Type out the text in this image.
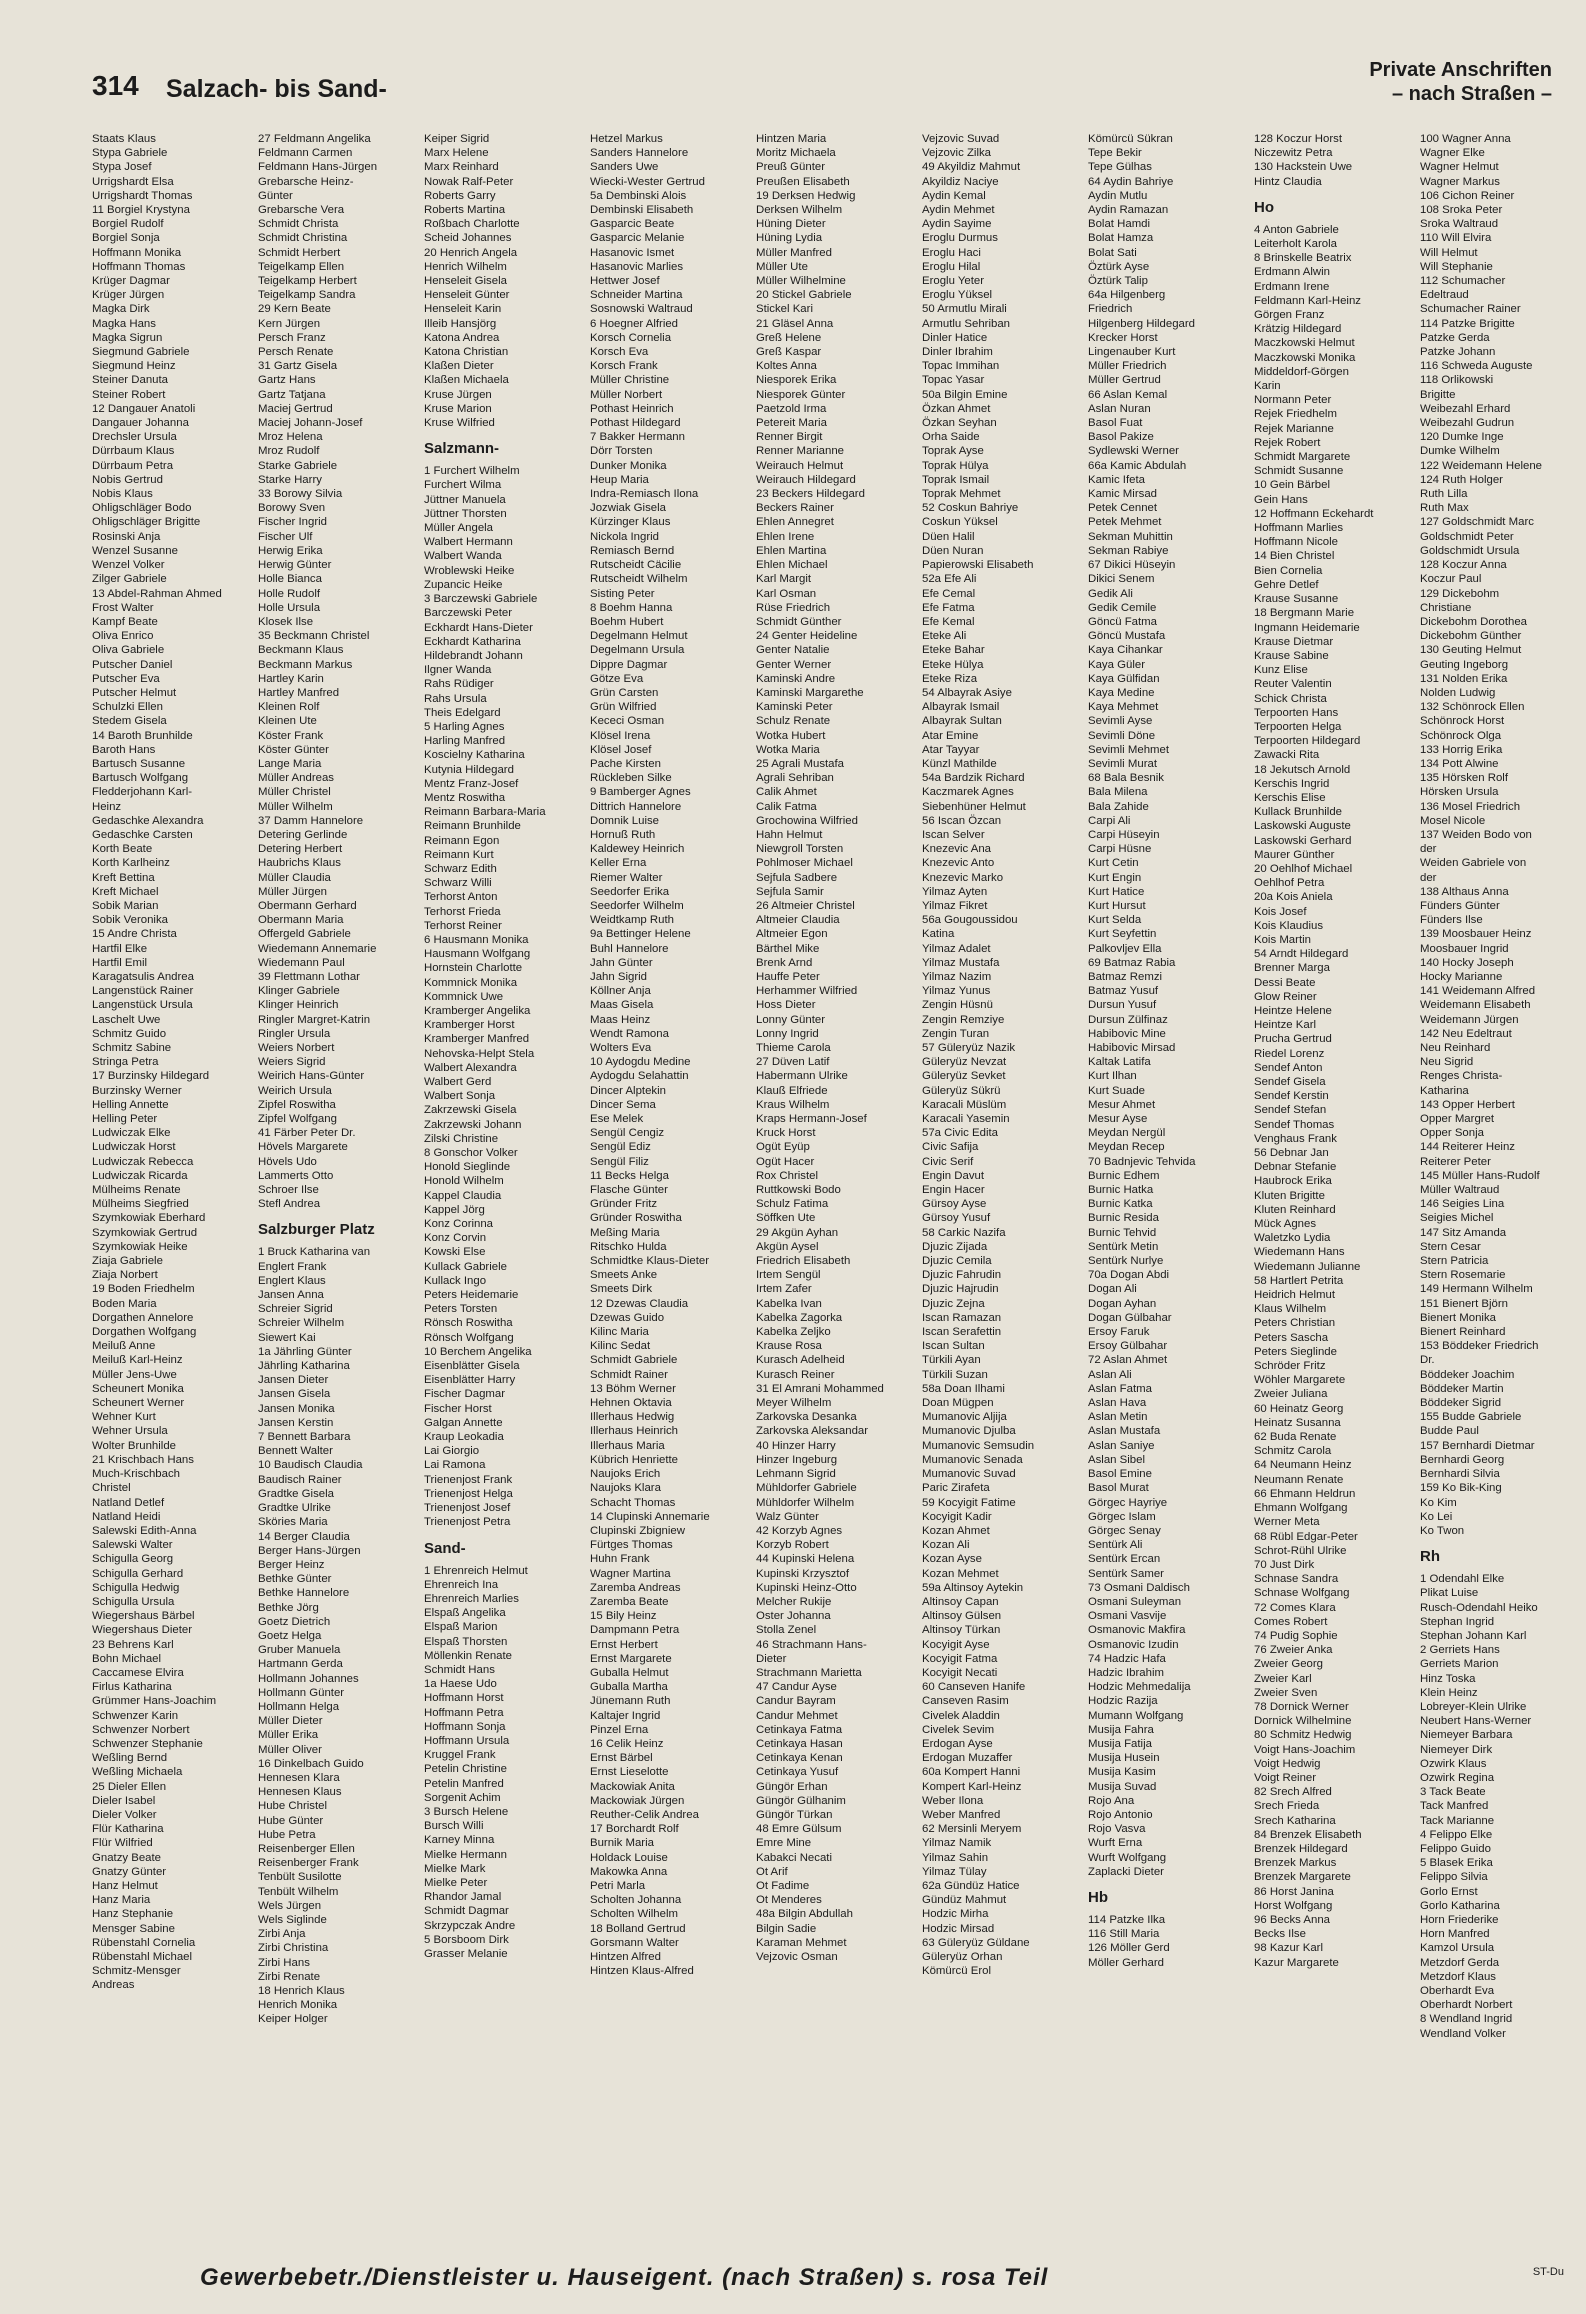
314 Salzach- bis Sand-
Private Anschriften
– nach Straßen –
Staats Klaus
Stypa Gabriele
Stypa Josef
Urrigshardt Elsa
Urrigshardt Thomas
11 Borgiel Krystyna
Borgiel Rudolf
Borgiel Sonja
Hoffmann Monika
Hoffmann Thomas
Krüger Dagmar
Krüger Jürgen
Magka Dirk
Magka Hans
Magka Sigrun
Siegmund Gabriele
Siegmund Heinz
Steiner Danuta
Steiner Robert
12 Dangauer Anatoli
Dangauer Johanna
Drechsler Ursula
Dürrbaum Klaus
Dürrbaum Petra
Nobis Gertrud
Nobis Klaus
Ohligschläger Bodo
Ohligschläger Brigitte
Rosinski Anja
Wenzel Susanne
Wenzel Volker
Zilger Gabriele
13 Abdel-Rahman Ahmed
Frost Walter
Kampf Beate
Oliva Enrico
Oliva Gabriele
Putscher Daniel
Putscher Eva
Putscher Helmut
Schulzki Ellen
Stedem Gisela
14 Baroth Brunhilde
Baroth Hans
Bartusch Susanne
Bartusch Wolfgang
Fledderjohann Karl-
Heinz
Gedaschke Alexandra
Gedaschke Carsten
Korth Beate
Korth Karlheinz
Kreft Bettina
Kreft Michael
Sobik Marian
Sobik Veronika
15 Andre Christa
Hartfil Elke
Hartfil Emil
Karagatsulis Andrea
Langenstück Rainer
Langenstück Ursula
Laschelt Uwe
Schmitz Guido
Schmitz Sabine
Stringa Petra
17 Burzinsky Hildegard
Burzinsky Werner
Helling Annette
Helling Peter
Ludwiczak Elke
Ludwiczak Horst
Ludwiczak Rebecca
Ludwiczak Ricarda
Mülheims Renate
Mülheims Siegfried
Szymkowiak Eberhard
Szymkowiak Gertrud
Szymkowiak Heike
Ziaja Gabriele
Ziaja Norbert
19 Boden Friedhelm
Boden Maria
Dorgathen Annelore
Dorgathen Wolfgang
Meiluß Anne
Meiluß Karl-Heinz
Müller Jens-Uwe
Scheunert Monika
Scheunert Werner
Wehner Kurt
Wehner Ursula
Wolter Brunhilde
21 Krischbach Hans
Much-Krischbach
Christel
Natland Detlef
Natland Heidi
Salewski Edith-Anna
Salewski Walter
Schigulla Georg
Schigulla Gerhard
Schigulla Hedwig
Schigulla Ursula
Wiegershaus Bärbel
Wiegershaus Dieter
23 Behrens Karl
Bohn Michael
Caccamese Elvira
Firlus Katharina
Grümmer Hans-Joachim
Schwenzer Karin
Schwenzer Norbert
Schwenzer Stephanie
Weßling Bernd
Weßling Michaela
25 Dieler Ellen
Dieler Isabel
Dieler Volker
Flür Katharina
Flür Wilfried
Gnatzy Beate
Gnatzy Günter
Hanz Helmut
Hanz Maria
Hanz Stephanie
Mensger Sabine
Rübenstahl Cornelia
Rübenstahl Michael
Schmitz-Mensger
Andreas
27 Feldmann Angelika
Feldmann Carmen
Feldmann Hans-Jürgen
Grebarsche Heinz-
Günter
Grebarsche Vera
Schmidt Christa
Schmidt Christina
Schmidt Herbert
Teigelkamp Ellen
Teigelkamp Herbert
Teigelkamp Sandra
29 Kern Beate
Kern Jürgen
Persch Franz
Persch Renate
31 Gartz Gisela
Gartz Hans
Gartz Tatjana
Maciej Gertrud
Maciej Johann-Josef
Mroz Helena
Mroz Rudolf
Starke Gabriele
Starke Harry
33 Borowy Silvia
Borowy Sven
Fischer Ingrid
Fischer Ulf
Herwig Erika
Herwig Günter
Holle Bianca
Holle Rudolf
Holle Ursula
Klosek Ilse
35 Beckmann Christel
Beckmann Klaus
Beckmann Markus
Hartley Karin
Hartley Manfred
Kleinen Rolf
Kleinen Ute
Köster Frank
Köster Günter
Lange Maria
Müller Andreas
Müller Christel
Müller Wilhelm
37 Damm Hannelore
Detering Gerlinde
Detering Herbert
Haubrichs Klaus
Müller Claudia
Müller Jürgen
Obermann Gerhard
Obermann Maria
Offergeld Gabriele
Wiedemann Annemarie
Wiedemann Paul
39 Flettmann Lothar
Klinger Gabriele
Klinger Heinrich
Ringler Margret-Katrin
Ringler Ursula
Weiers Norbert
Weiers Sigrid
Weirich Hans-Günter
Weirich Ursula
Zipfel Roswitha
Zipfel Wolfgang
41 Färber Peter Dr.
Hövels Margarete
Hövels Udo
Lammerts Otto
Schroer Ilse
Stefl Andrea
Salzburger Platz
1 Bruck Katharina van
Englert Frank
Englert Klaus
Jansen Anna
Schreier Sigrid
Schreier Wilhelm
Siewert Kai
1a Jährling Günter
Jährling Katharina
Jansen Dieter
Jansen Gisela
Jansen Monika
Jansen Kerstin
7 Bennett Barbara
Bennett Walter
10 Baudisch Claudia
Baudisch Rainer
Gradtke Gisela
Gradtke Ulrike
Sköries Maria
14 Berger Claudia
Berger Hans-Jürgen
Berger Heinz
Bethke Günter
Bethke Hannelore
Bethke Jörg
Goetz Dietrich
Goetz Helga
Gruber Manuela
Hartmann Gerda
Hollmann Johannes
Hollmann Günter
Hollmann Helga
Müller Dieter
Müller Erika
Müller Oliver
16 Dinkelbach Guido
Hennesen Klara
Hennesen Klaus
Hube Christel
Hube Günter
Hube Petra
Reisenberger Ellen
Reisenberger Frank
Tenbült Susilotte
Tenbült Wilhelm
Wels Jürgen
Wels Siglinde
Zirbi Anja
Zirbi Christina
Zirbi Hans
Zirbi Renate
18 Henrich Klaus
Henrich Monika
Keiper Holger
Keiper Sigrid
Marx Helene
Marx Reinhard
Nowak Ralf-Peter
Roberts Garry
Roberts Martina
Roßbach Charlotte
Scheid Johannes
20 Henrich Angela
Henrich Wilhelm
Henseleit Gisela
Henseleit Günter
Henseleit Karin
Illeib Hansjörg
Katona Andrea
Katona Christian
Klaßen Dieter
Klaßen Michaela
Kruse Jürgen
Kruse Marion
Kruse Wilfried
Salzmann-
1 Furchert Wilhelm
Furchert Wilma
Jüttner Manuela
Jüttner Thorsten
Müller Angela
Walbert Hermann
Walbert Wanda
Wroblewski Heike
Zupancic Heike
3 Barczewski Gabriele
Barczewski Peter
Eckhardt Hans-Dieter
Eckhardt Katharina
Hildebrandt Johann
Ilgner Wanda
Rahs Rüdiger
Rahs Ursula
Theis Edelgard
5 Harling Agnes
Harling Manfred
Koscielny Katharina
Kutynia Hildegard
Mentz Franz-Josef
Mentz Roswitha
Reimann Barbara-Maria
Reimann Brunhilde
Reimann Egon
Reimann Kurt
Schwarz Edith
Schwarz Willi
Terhorst Anton
Terhorst Frieda
Terhorst Reiner
6 Hausmann Monika
Hausmann Wolfgang
Hornstein Charlotte
Kommnick Monika
Kommnick Uwe
Kramberger Angelika
Kramberger Horst
Kramberger Manfred
Nehovska-Helpt Stela
Walbert Alexandra
Walbert Gerd
Walbert Sonja
Zakrzewski Gisela
Zakrzewski Johann
Zilski Christine
8 Gonschor Volker
Honold Sieglinde
Honold Wilhelm
Kappel Claudia
Kappel Jörg
Konz Corinna
Konz Corvin
Kowski Else
Kullack Gabriele
Kullack Ingo
Peters Heidemarie
Peters Torsten
Rönsch Roswitha
Rönsch Wolfgang
10 Berchem Angelika
Eisenblätter Gisela
Eisenblätter Harry
Fischer Dagmar
Fischer Horst
Galgan Annette
Kraup Leokadia
Lai Giorgio
Lai Ramona
Trienenjost Frank
Trienenjost Helga
Trienenjost Josef
Trienenjost Petra
Sand-
1 Ehrenreich Helmut
Ehrenreich Ina
Ehrenreich Marlies
Elspaß Angelika
Elspaß Marion
Elspaß Thorsten
Möllenkin Renate
Schmidt Hans
1a Haese Udo
Hoffmann Horst
Hoffmann Petra
Hoffmann Sonja
Hoffmann Ursula
Kruggel Frank
Petelin Christine
Petelin Manfred
Sorgenit Achim
3 Bursch Helene
Bursch Willi
Karney Minna
Mielke Hermann
Mielke Mark
Mielke Peter
Rhandor Jamal
Schmidt Dagmar
Skrzypczak Andre
5 Borsboom Dirk
Grasser Melanie
Hetzel Markus
Sanders Hannelore
Sanders Uwe
Wiecki-Wester Gertrud
5a Dembinski Alois
Dembinski Elisabeth
Gasparcic Beate
Gasparcic Melanie
Hasanovic Ismet
Hasanovic Marlies
Hettwer Josef
Schneider Martina
Sosnowski Waltraud
6 Hoegner Alfried
Korsch Cornelia
Korsch Eva
Korsch Frank
Müller Christine
Müller Norbert
Pothast Heinrich
Pothast Hildegard
7 Bakker Hermann
Dörr Torsten
Dunker Monika
Heup Maria
Indra-Remiasch Ilona
Jozwiak Gisela
Kürzinger Klaus
Nickola Ingrid
Remiasch Bernd
Rutscheidt Cäcilie
Rutscheidt Wilhelm
Sisting Peter
8 Boehm Hanna
Boehm Hubert
Degelmann Helmut
Degelmann Ursula
Dippre Dagmar
Götze Eva
Grün Carsten
Grün Wilfried
Kececi Osman
Klösel Irena
Klösel Josef
Pache Kirsten
Rückleben Silke
9 Bamberger Agnes
Dittrich Hannelore
Domnik Luise
Hornuß Ruth
Kaldewey Heinrich
Keller Erna
Riemer Walter
Seedorfer Erika
Seedorfer Wilhelm
Weidtkamp Ruth
9a Bettinger Helene
Buhl Hannelore
Jahn Günter
Jahn Sigrid
Köllner Anja
Maas Gisela
Maas Heinz
Wendt Ramona
Wolters Eva
10 Aydogdu Medine
Aydogdu Selahattin
Dincer Alptekin
Dincer Sema
Ese Melek
Sengül Cengiz
Sengül Ediz
Sengül Filiz
11 Becks Helga
Flasche Günter
Gründer Fritz
Gründer Roswitha
Meßing Maria
Ritschko Hulda
Schmidtke Klaus-Dieter
Smeets Anke
Smeets Dirk
12 Dzewas Claudia
Dzewas Guido
Kilinc Maria
Kilinc Sedat
Schmidt Gabriele
Schmidt Rainer
13 Böhm Werner
Hehnen Oktavia
Illerhaus Hedwig
Illerhaus Heinrich
Illerhaus Maria
Kübrich Henriette
Naujoks Erich
Naujoks Klara
Schacht Thomas
14 Clupinski Annemarie
Clupinski Zbigniew
Fürtges Thomas
Huhn Frank
Wagner Martina
Zaremba Andreas
Zaremba Beate
15 Bily Heinz
Dampmann Petra
Ernst Herbert
Ernst Margarete
Guballa Helmut
Guballa Martha
Jünemann Ruth
Kaltajer Ingrid
Pinzel Erna
16 Celik Heinz
Ernst Bärbel
Ernst Lieselotte
Mackowiak Anita
Mackowiak Jürgen
Reuther-Celik Andrea
17 Borchardt Rolf
Burnik Maria
Holdack Louise
Makowka Anna
Petri Marla
Scholten Johanna
Scholten Wilhelm
18 Bolland Gertrud
Gorsmann Walter
Hintzen Alfred
Hintzen Klaus-Alfred
Hintzen Maria
Moritz Michaela
Preuß Günter
Preußen Elisabeth
19 Derksen Hedwig
Derksen Wilhelm
Hüning Dieter
Hüning Lydia
Müller Manfred
Müller Ute
Müller Wilhelmine
20 Stickel Gabriele
Stickel Kari
21 Gläsel Anna
Greß Helene
Greß Kaspar
Koltes Anna
Niesporek Erika
Niesporek Günter
Paetzold Irma
Petereit Maria
Renner Birgit
Renner Marianne
Weirauch Helmut
Weirauch Hildegard
23 Beckers Hildegard
Beckers Rainer
Ehlen Annegret
Ehlen Irene
Ehlen Martina
Ehlen Michael
Karl Margit
Karl Osman
Rüse Friedrich
Schmidt Günther
24 Genter Heideline
Genter Natalie
Genter Werner
Kaminski Andre
Kaminski Margarethe
Kaminski Peter
Schulz Renate
Wotka Hubert
Wotka Maria
25 Agrali Mustafa
Agrali Sehriban
Calik Ahmet
Calik Fatma
Grochowina Wilfried
Hahn Helmut
Niewgroll Torsten
Pohlmoser Michael
Sejfula Sadbere
Sejfula Samir
26 Altmeier Christel
Altmeier Claudia
Altmeier Egon
Bärthel Mike
Brenk Arnd
Hauffe Peter
Herhammer Wilfried
Hoss Dieter
Lonny Günter
Lonny Ingrid
Thieme Carola
27 Düven Latif
Habermann Ulrike
Klauß Elfriede
Kraus Wilhelm
Kraps Hermann-Josef
Kruck Horst
Ogüt Eyüp
Ogüt Hacer
Rox Christel
Ruttkowski Bodo
Schulz Fatima
Söffken Ute
29 Akgün Ayhan
Akgün Aysel
Friedrich Elisabeth
Irtem Sengül
Irtem Zafer
Kabelka Ivan
Kabelka Zagorka
Kabelka Zeljko
Krause Rosa
Kurasch Adelheid
Kurasch Reiner
31 El Amrani Mohammed
Meyer Wilhelm
Zarkovska Desanka
Zarkovska Aleksandar
40 Hinzer Harry
Hinzer Ingeburg
Lehmann Sigrid
Mühldorfer Gabriele
Mühldorfer Wilhelm
Walz Günter
42 Korzyb Agnes
Korzyb Robert
44 Kupinski Helena
Kupinski Krzysztof
Kupinski Heinz-Otto
Melcher Rukije
Oster Johanna
Stolla Zenel
46 Strachmann Hans-
Dieter
Strachmann Marietta
47 Candur Ayse
Candur Bayram
Candur Mehmet
Cetinkaya Fatma
Cetinkaya Hasan
Cetinkaya Kenan
Cetinkaya Yusuf
Güngör Erhan
Güngör Gülhanim
Güngör Türkan
48 Emre Gülsum
Emre Mine
Kabakci Necati
Ot Arif
Ot Fadime
Ot Menderes
48a Bilgin Abdullah
Bilgin Sadie
Karaman Mehmet
Vejzovic Osman
Vejzovic Suvad
Vejzovic Zilka
49 Akyildiz Mahmut
Akyildiz Naciye
Aydin Kemal
Aydin Mehmet
Aydin Sayime
Eroglu Durmus
Eroglu Haci
Eroglu Hilal
Eroglu Yeter
Eroglu Yüksel
50 Armutlu Mirali
Armutlu Sehriban
Dinler Hatice
Dinler Ibrahim
Topac Immihan
Topac Yasar
50a Bilgin Emine
Özkan Ahmet
Özkan Seyhan
Orha Saide
Toprak Ayse
Toprak Hülya
Toprak Ismail
Toprak Mehmet
52 Coskun Bahriye
Coskun Yüksel
Düen Halil
Düen Nuran
Papierowski Elisabeth
52a Efe Ali
Efe Cemal
Efe Fatma
Efe Kemal
Eteke Ali
Eteke Bahar
Eteke Hülya
Eteke Riza
54 Albayrak Asiye
Albayrak Ismail
Albayrak Sultan
Atar Emine
Atar Tayyar
Künzl Mathilde
54a Bardzik Richard
Kaczmarek Agnes
Siebenhüner Helmut
56 Iscan Özcan
Iscan Selver
Knezevic Ana
Knezevic Anto
Knezevic Marko
Yilmaz Ayten
Yilmaz Fikret
56a Gougoussidou
Katina
Yilmaz Adalet
Yilmaz Mustafa
Yilmaz Nazim
Yilmaz Yunus
Zengin Hüsnü
Zengin Remziye
Zengin Turan
57 Güleryüz Nazik
Güleryüz Nevzat
Güleryüz Sevket
Güleryüz Sükrü
Karacali Müslüm
Karacali Yasemin
57a Civic Edita
Civic Safija
Civic Serif
Engin Davut
Engin Hacer
Gürsoy Ayse
Gürsoy Yusuf
58 Carkic Nazifa
Djuzic Zijada
Djuzic Cemila
Djuzic Fahrudin
Djuzic Hajrudin
Djuzic Zejna
Iscan Ramazan
Iscan Serafettin
Iscan Sultan
Türkili Ayan
Türkili Suzan
58a Doan Ilhami
Doan Mügpen
Mumanovic Aljija
Mumanovic Djulba
Mumanovic Semsudin
Mumanovic Senada
Mumanovic Suvad
Paric Zirafeta
59 Kocyigit Fatime
Kocyigit Kadir
Kozan Ahmet
Kozan Ali
Kozan Ayse
Kozan Mehmet
59a Altinsoy Aytekin
Altinsoy Capan
Altinsoy Gülsen
Altinsoy Türkan
Kocyigit Ayse
Kocyigit Fatma
Kocyigit Necati
60 Canseven Hanife
Canseven Rasim
Civelek Aladdin
Civelek Sevim
Erdogan Ayse
Erdogan Muzaffer
60a Kompert Hanni
Kompert Karl-Heinz
Weber Ilona
Weber Manfred
62 Mersinli Meryem
Yilmaz Namik
Yilmaz Sahin
Yilmaz Tülay
62a Gündüz Hatice
Gündüz Mahmut
Hodzic Mirha
Hodzic Mirsad
63 Güleryüz Güldane
Güleryüz Orhan
Kömürcü Erol
Kömürcü Sükran
Tepe Bekir
Tepe Gülhas
64 Aydin Bahriye
Aydin Mutlu
Aydin Ramazan
Bolat Hamdi
Bolat Hamza
Bolat Sati
Öztürk Ayse
Öztürk Talip
64a Hilgenberg
Friedrich
Hilgenberg Hildegard
Krecker Horst
Lingenauber Kurt
Müller Friedrich
Müller Gertrud
66 Aslan Kemal
Aslan Nuran
Basol Fuat
Basol Pakize
Sydlewski Werner
66a Kamic Abdulah
Kamic Ifeta
Kamic Mirsad
Petek Cennet
Petek Mehmet
Sekman Muhittin
Sekman Rabiye
67 Dikici Hüseyin
Dikici Senem
Gedik Ali
Gedik Cemile
Göncü Fatma
Göncü Mustafa
Kaya Cihankar
Kaya Güler
Kaya Gülfidan
Kaya Medine
Kaya Mehmet
Sevimli Ayse
Sevimli Döne
Sevimli Mehmet
Sevimli Murat
68 Bala Besnik
Bala Milena
Bala Zahide
Carpi Ali
Carpi Hüseyin
Carpi Hüsne
Kurt Cetin
Kurt Engin
Kurt Hatice
Kurt Hursut
Kurt Selda
Kurt Seyfettin
Palkovljev Ella
69 Batmaz Rabia
Batmaz Remzi
Batmaz Yusuf
Dursun Yusuf
Dursun Zülfinaz
Habibovic Mine
Habibovic Mirsad
Kaltak Latifa
Kurt Ilhan
Kurt Suade
Mesur Ahmet
Mesur Ayse
Meydan Nergül
Meydan Recep
70 Badnjevic Tehvida
Burnic Edhem
Burnic Hatka
Burnic Katka
Burnic Resida
Burnic Tehvid
Sentürk Metin
Sentürk Nurlye
70a Dogan Abdi
Dogan Ali
Dogan Ayhan
Dogan Gülbahar
Ersoy Faruk
Ersoy Gülbahar
72 Aslan Ahmet
Aslan Ali
Aslan Fatma
Aslan Hava
Aslan Metin
Aslan Mustafa
Aslan Saniye
Aslan Sibel
Basol Emine
Basol Murat
Görgec Hayriye
Görgec Islam
Görgec Senay
Sentürk Ali
Sentürk Ercan
Sentürk Samer
73 Osmani Daldisch
Osmani Suleyman
Osmani Vasvije
Osmanovic Makfira
Osmanovic Izudin
74 Hadzic Hafa
Hadzic Ibrahim
Hodzic Mehmedalija
Hodzic Razija
Mumann Wolfgang
Musija Fahra
Musija Fatija
Musija Husein
Musija Kasim
Musija Suvad
Rojo Ana
Rojo Antonio
Rojo Vasva
Wurft Erna
Wurft Wolfgang
Zaplacki Dieter
Hb
114 Patzke Ilka
116 Still Maria
126 Möller Gerd
Möller Gerhard
128 Koczur Horst
Niczewitz Petra
130 Hackstein Uwe
Hintz Claudia
Ho
4 Anton Gabriele
Leiterholt Karola
8 Brinskelle Beatrix
Erdmann Alwin
Erdmann Irene
Feldmann Karl-Heinz
Görgen Franz
Krätzig Hildegard
Maczkowski Helmut
Maczkowski Monika
Middeldorf-Görgen
Karin
Normann Peter
Rejek Friedhelm
Rejek Marianne
Rejek Robert
Schmidt Margarete
Schmidt Susanne
10 Gein Bärbel
Gein Hans
12 Hoffmann Eckehardt
Hoffmann Marlies
Hoffmann Nicole
14 Bien Christel
Bien Cornelia
Gehre Detlef
Krause Susanne
18 Bergmann Marie
Ingmann Heidemarie
Krause Dietmar
Krause Sabine
Kunz Elise
Reuter Valentin
Schick Christa
Terpoorten Hans
Terpoorten Helga
Terpoorten Hildegard
Zawacki Rita
18 Jekutsch Arnold
Kerschis Ingrid
Kerschis Elise
Kullack Brunhilde
Laskowski Auguste
Laskowski Gerhard
Maurer Günther
20 Oehlhof Michael
Oehlhof Petra
20a Kois Aniela
Kois Josef
Kois Klaudius
Kois Martin
54 Arndt Hildegard
Brenner Marga
Dessi Beate
Glow Reiner
Heintze Helene
Heintze Karl
Prucha Gertrud
Riedel Lorenz
Sendef Anton
Sendef Gisela
Sendef Kerstin
Sendef Stefan
Sendef Thomas
Venghaus Frank
56 Debnar Jan
Debnar Stefanie
Haubrock Erika
Kluten Brigitte
Kluten Reinhard
Mück Agnes
Waletzko Lydia
Wiedemann Hans
Wiedemann Julianne
58 Hartlert Petrita
Heidrich Helmut
Klaus Wilhelm
Peters Christian
Peters Sascha
Peters Sieglinde
Schröder Fritz
Wöhler Margarete
Zweier Juliana
60 Heinatz Georg
Heinatz Susanna
62 Buda Renate
Schmitz Carola
64 Neumann Heinz
Neumann Renate
66 Ehmann Heldrun
Ehmann Wolfgang
Werner Meta
68 Rübl Edgar-Peter
Schrot-Rühl Ulrike
70 Just Dirk
Schnase Sandra
Schnase Wolfgang
72 Comes Klara
Comes Robert
74 Pudig Sophie
76 Zweier Anka
Zweier Georg
Zweier Karl
Zweier Sven
78 Dornick Werner
Dornick Wilhelmine
80 Schmitz Hedwig
Voigt Hans-Joachim
Voigt Hedwig
Voigt Reiner
82 Srech Alfred
Srech Frieda
Srech Katharina
84 Brenzek Elisabeth
Brenzek Hildegard
Brenzek Markus
Brenzek Margarete
86 Horst Janina
Horst Wolfgang
96 Becks Anna
Becks Ilse
98 Kazur Karl
Kazur Margarete
100 Wagner Anna
Wagner Elke
Wagner Helmut
Wagner Markus
106 Cichon Reiner
108 Sroka Peter
Sroka Waltraud
110 Will Elvira
Will Helmut
Will Stephanie
112 Schumacher
Edeltraud
Schumacher Rainer
114 Patzke Brigitte
Patzke Gerda
Patzke Johann
116 Schweda Auguste
118 Orlikowski
Brigitte
Weibezahl Erhard
Weibezahl Gudrun
120 Dumke Inge
Dumke Wilhelm
122 Weidemann Helene
124 Ruth Holger
Ruth Lilla
Ruth Max
127 Goldschmidt Marc
Goldschmidt Peter
Goldschmidt Ursula
128 Koczur Anna
Koczur Paul
129 Dickebohm
Christiane
Dickebohm Dorothea
Dickebohm Günther
130 Geuting Helmut
Geuting Ingeborg
131 Nolden Erika
Nolden Ludwig
132 Schönrock Ellen
Schönrock Horst
Schönrock Olga
133 Horrig Erika
134 Pott Alwine
135 Hörsken Rolf
Hörsken Ursula
136 Mosel Friedrich
Mosel Nicole
137 Weiden Bodo von
der
Weiden Gabriele von
der
138 Althaus Anna
Fünders Günter
Fünders Ilse
139 Moosbauer Heinz
Moosbauer Ingrid
140 Hocky Joseph
Hocky Marianne
141 Weidemann Alfred
Weidemann Elisabeth
Weidemann Jürgen
142 Neu Edeltraut
Neu Reinhard
Neu Sigrid
Renges Christa-
Katharina
143 Opper Herbert
Opper Margret
Opper Sonja
144 Reiterer Heinz
Reiterer Peter
145 Müller Hans-Rudolf
Müller Waltraud
146 Seigies Lina
Seigies Michel
147 Sitz Amanda
Stern Cesar
Stern Patricia
Stern Rosemarie
149 Hermann Wilhelm
151 Bienert Björn
Bienert Monika
Bienert Reinhard
153 Böddeker Friedrich
Dr.
Böddeker Joachim
Böddeker Martin
Böddeker Sigrid
155 Budde Gabriele
Budde Paul
157 Bernhardi Dietmar
Bernhardi Georg
Bernhardi Silvia
159 Ko Bik-King
Ko Kim
Ko Lei
Ko Twon
Rh
1 Odendahl Elke
Plikat Luise
Rusch-Odendahl Heiko
Stephan Ingrid
Stephan Johann Karl
2 Gerriets Hans
Gerriets Marion
Hinz Toska
Klein Heinz
Lobreyer-Klein Ulrike
Neubert Hans-Werner
Niemeyer Barbara
Niemeyer Dirk
Ozwirk Klaus
Ozwirk Regina
3 Tack Beate
Tack Manfred
Tack Marianne
4 Felippo Elke
Felippo Guido
5 Blasek Erika
Felippo Silvia
Gorlo Ernst
Gorlo Katharina
Horn Friederike
Horn Manfred
Kamzol Ursula
Metzdorf Gerda
Metzdorf Klaus
Oberhardt Eva
Oberhardt Norbert
8 Wendland Ingrid
Wendland Volker
Gewerbebetr./Dienstleister u. Hauseigent. (nach Straßen) s. rosa Teil	ST-Du
